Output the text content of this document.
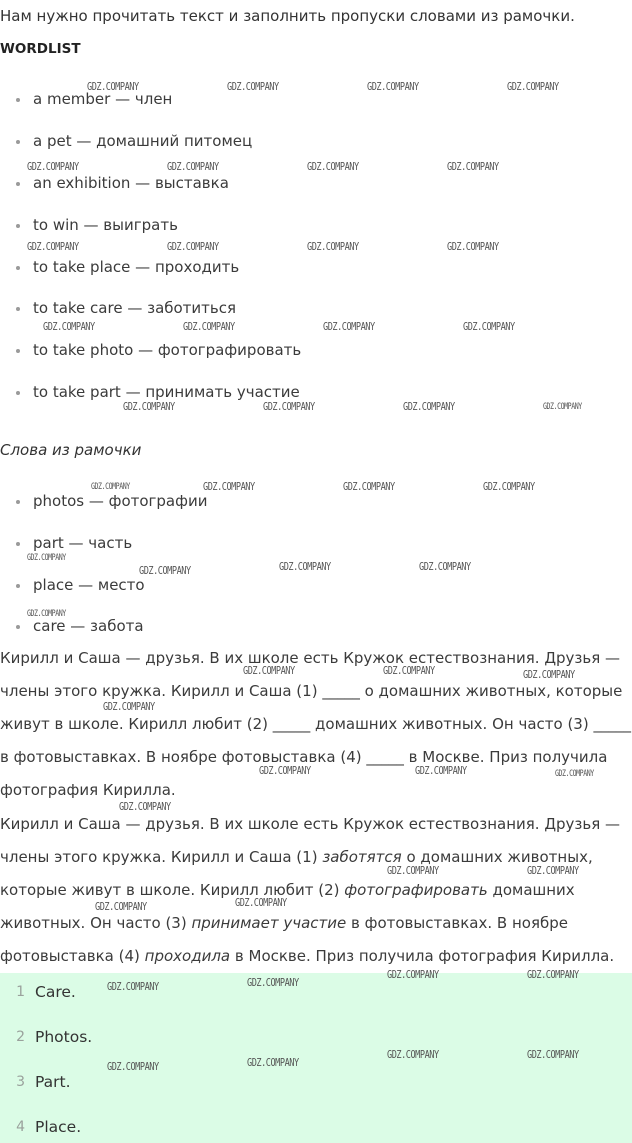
Нам нужно прочитать текст и заполнить пропуски словами из рамочки.

WORDLIST

a member — член
a pet — домашний питомец
an exhibition — выставка
to win — выиграть
to take place — проходить
to take care — заботиться
to take photo — фотографировать
to take part — принимать участие

Слова из рамочки

photos — фотографии
part — часть
place — место
care — забота
Кирилл и Саша — друзья. В их школе есть Кружок естествознания. Друзья —
члены этого кружка. Кирилл и Саша (1) _____ о домашних животных, которые
живут в школе. Кирилл любит (2) _____ домашних животных. Он часто (3) _____
в фотовыставках. В ноябре фотовыставка (4) _____ в Москве. Приз получила
фотография Кирилла.
Кирилл и Саша — друзья. В их школе есть Кружок естествознания. Друзья —
члены этого кружка. Кирилл и Саша (1) заботятся о домашних животных,
которые живут в школе. Кирилл любит (2) фотографировать домашних
животных. Он часто (3) принимает участие в фотовыставках. В ноябре
фотовыставка (4) проходила в Москве. Приз получила фотография Кирилла.
1 Care.
2 Photos.
3 Part.
4 Place.
GDZ.COMPANY	GDZ.COMPANY	GDZ.COMPANY	GDZ.COMPANY
GDZ.COMPANY	GDZ.COMPANY	GDZ.COMPANY	GDZ.COMPANY
GDZ.COMPANY	GDZ.COMPANY	GDZ.COMPANY	GDZ.COMPANY
GDZ.COMPANY	GDZ.COMPANY	GDZ.COMPANY	GDZ.COMPANY
GDZ.COMPANY	GDZ.COMPANY	GDZ.COMPANY	GDZ.COMPANY
GDZ.COMPANY	GDZ.COMPANY	GDZ.COMPANY	GDZ.COMPANY
GDZ.COMPANY
GDZ.COMPANY	GDZ.COMPANY	GDZ.COMPANY
GDZ.COMPANY
GDZ.COMPANY	GDZ.COMPANY	GDZ.COMPANY
GDZ.COMPANY
GDZ.COMPANY	GDZ.COMPANY	GDZ.COMPANY
GDZ.COMPANY
GDZ.COMPANY	GDZ.COMPANY
GDZ.COMPANY	GDZ.COMPANY
GDZ.COMPANY	GDZ.COMPANY
GDZ.COMPANY	GDZ.COMPANY
GDZ.COMPANY	GDZ.COMPANY
GDZ.COMPANY	GDZ.COMPANY
